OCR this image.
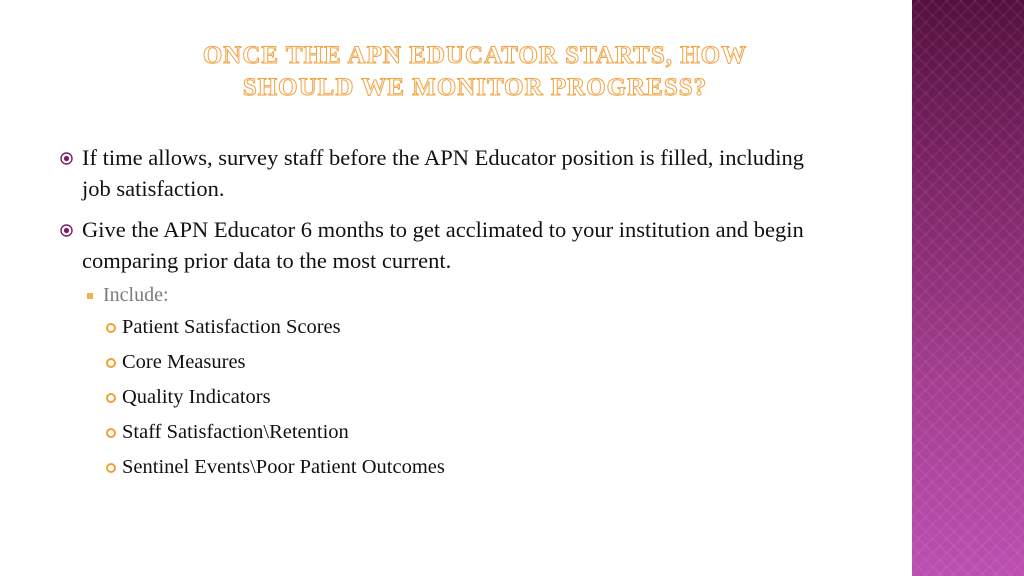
ONCE THE APN EDUCATOR STARTS, HOW
SHOULD WE MONITOR PROGRESS?
If time allows, survey staff before the APN Educator position is filled, including job satisfaction.
Give the APN Educator 6 months to get acclimated to your institution and begin comparing prior data to the most current.
Include:
Patient Satisfaction Scores
Core Measures
Quality Indicators
Staff Satisfaction\Retention
Sentinel Events\Poor Patient Outcomes
